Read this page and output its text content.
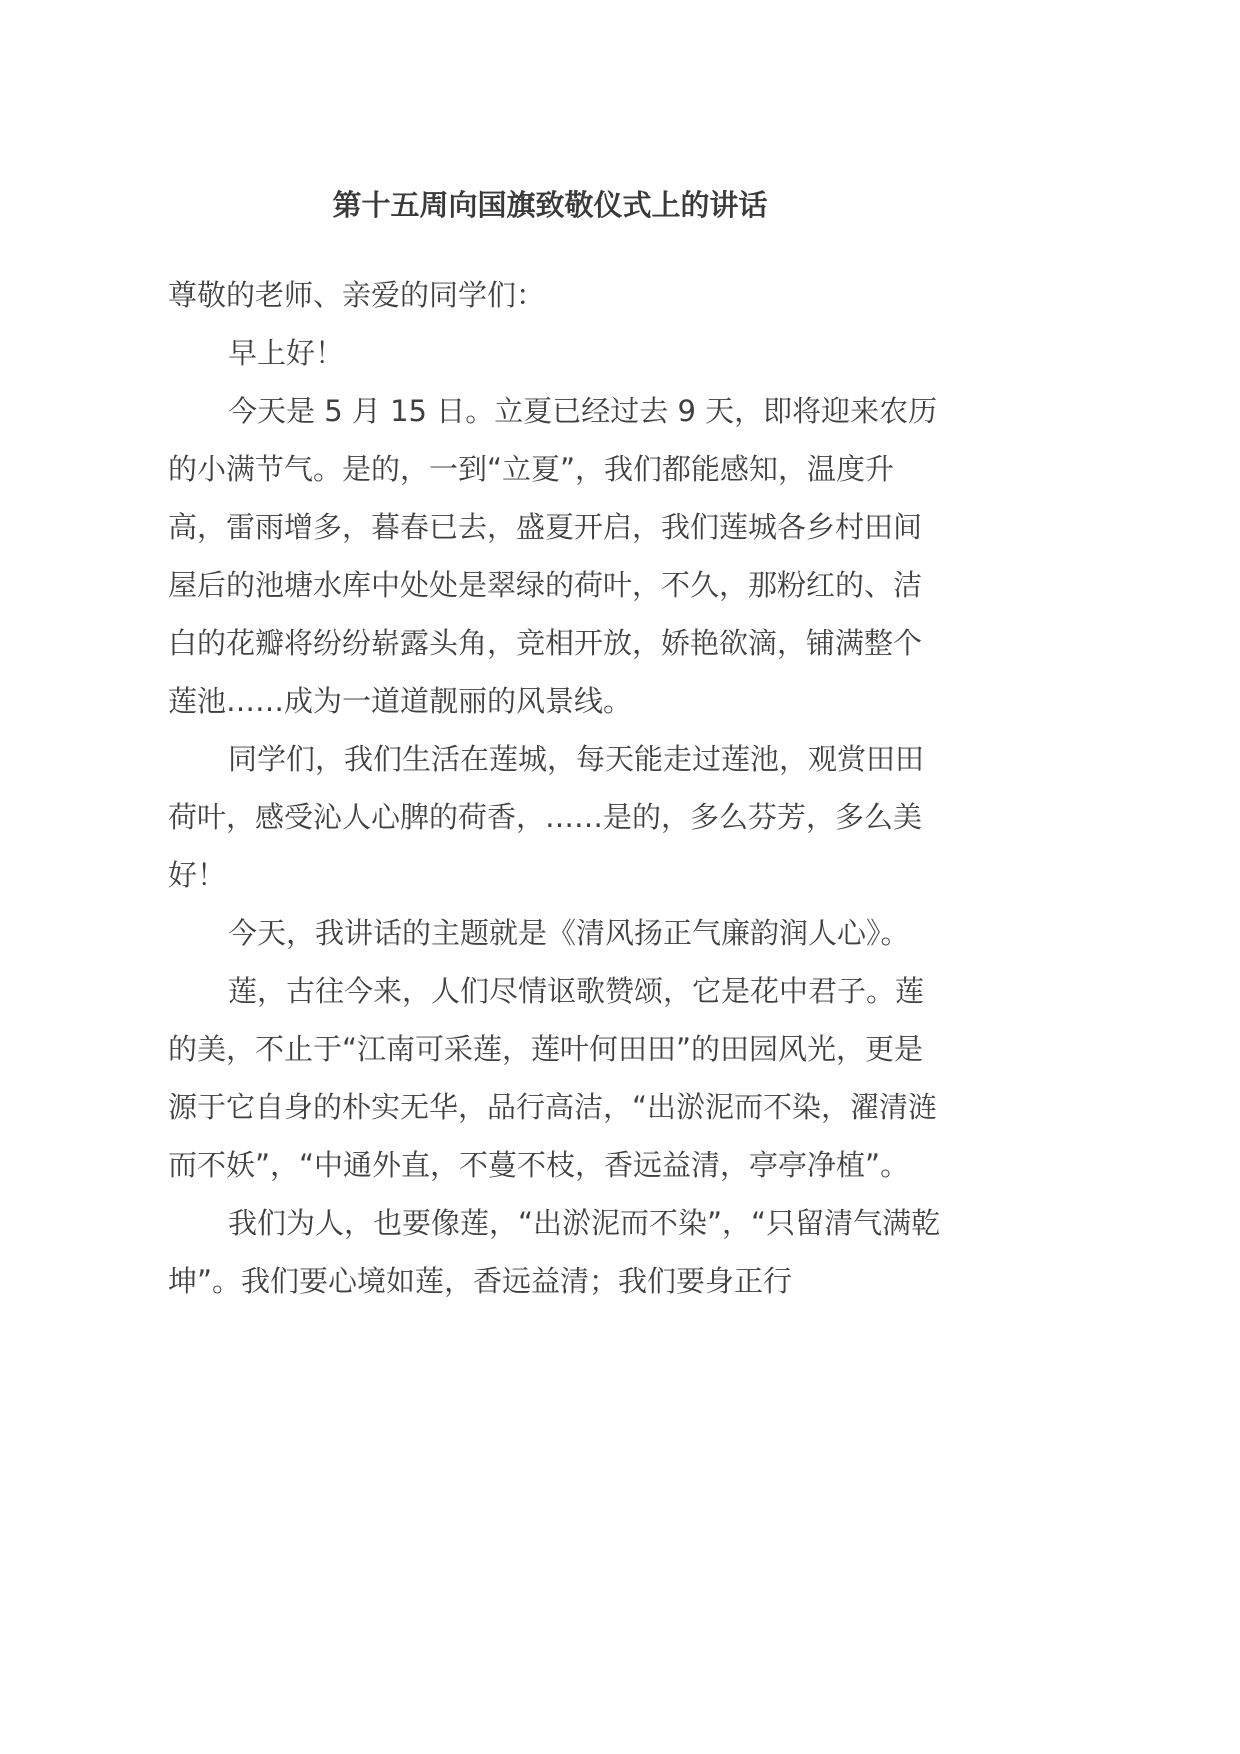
第十五周向国旗致敬仪式上的讲话

尊敬的老师、亲爱的同学们：

早上好！

今天是 5 月 15 日。立夏已经过去 9 天，即将迎来农历的小满节气。是的，一到“立夏”，我们都能感知，温度升高，雷雨增多，暮春已去，盛夏开启，我们莲城各乡村田间屋后的池塘水库中处处是翠绿的荷叶，不久，那粉红的、洁白的花瓣将纷纷崭露头角，竞相开放，娇艳欲滴，铺满整个莲池……成为一道道靓丽的风景线。

同学们，我们生活在莲城，每天能走过莲池，观赏田田荷叶，感受沁人心脾的荷香，……是的，多么芬芳，多么美好！

今天，我讲话的主题就是《清风扬正气廉韵润人心》。

莲，古往今来，人们尽情讴歌赞颂，它是花中君子。莲的美，不止于“江南可采莲，莲叶何田田”的田园风光，更是源于它自身的朴实无华，品行高洁，“出淤泥而不染，濯清涟而不妖”，“中通外直，不蔓不枝，香远益清，亭亭净植”。

我们为人，也要像莲，“出淤泥而不染”，“只留清气满乾坤”。我们要心境如莲，香远益清；我们要身正行
